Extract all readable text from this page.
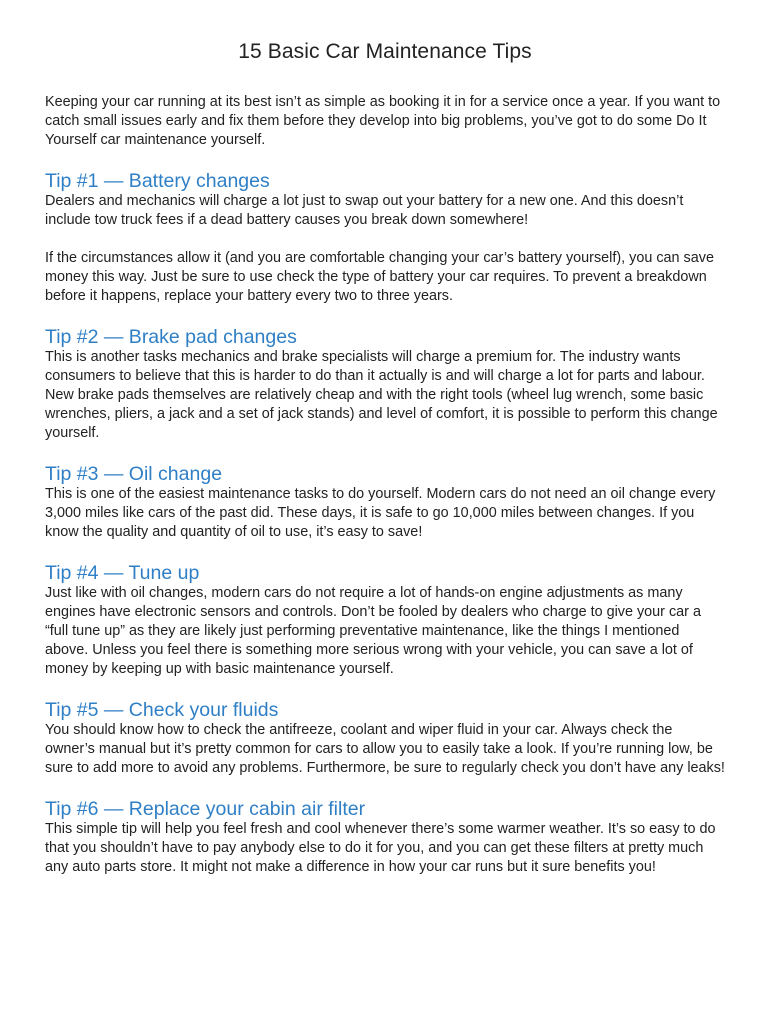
15 Basic Car Maintenance Tips

Keeping your car running at its best isn’t as simple as booking it in for a service once a year. If you want to catch small issues early and fix them before they develop into big problems, you’ve got to do some Do It Yourself car maintenance yourself.

Tip #1 — Battery changes

Dealers and mechanics will charge a lot just to swap out your battery for a new one. And this doesn’t include tow truck fees if a dead battery causes you break down somewhere!

If the circumstances allow it (and you are comfortable changing your car’s battery yourself), you can save money this way. Just be sure to use check the type of battery your car requires. To prevent a breakdown before it happens, replace your battery every two to three years.

Tip #2 — Brake pad changes

This is another tasks mechanics and brake specialists will charge a premium for. The industry wants consumers to believe that this is harder to do than it actually is and will charge a lot for parts and labour. New brake pads themselves are relatively cheap and with the right tools (wheel lug wrench, some basic wrenches, pliers, a jack and a set of jack stands) and level of comfort, it is possible to perform this change yourself.

Tip #3 — Oil change

This is one of the easiest maintenance tasks to do yourself. Modern cars do not need an oil change every 3,000 miles like cars of the past did. These days, it is safe to go 10,000 miles between changes. If you know the quality and quantity of oil to use, it’s easy to save!

Tip #4 — Tune up

Just like with oil changes, modern cars do not require a lot of hands-on engine adjustments as many engines have electronic sensors and controls. Don’t be fooled by dealers who charge to give your car a “full tune up” as they are likely just performing preventative maintenance, like the things I mentioned above. Unless you feel there is something more serious wrong with your vehicle, you can save a lot of money by keeping up with basic maintenance yourself.

Tip #5 — Check your fluids

You should know how to check the antifreeze, coolant and wiper fluid in your car. Always check the owner’s manual but it’s pretty common for cars to allow you to easily take a look. If you’re running low, be sure to add more to avoid any problems. Furthermore, be sure to regularly check you don’t have any leaks!

Tip #6 — Replace your cabin air filter

This simple tip will help you feel fresh and cool whenever there’s some warmer weather. It’s so easy to do that you shouldn’t have to pay anybody else to do it for you, and you can get these filters at pretty much any auto parts store. It might not make a difference in how your car runs but it sure benefits you!
